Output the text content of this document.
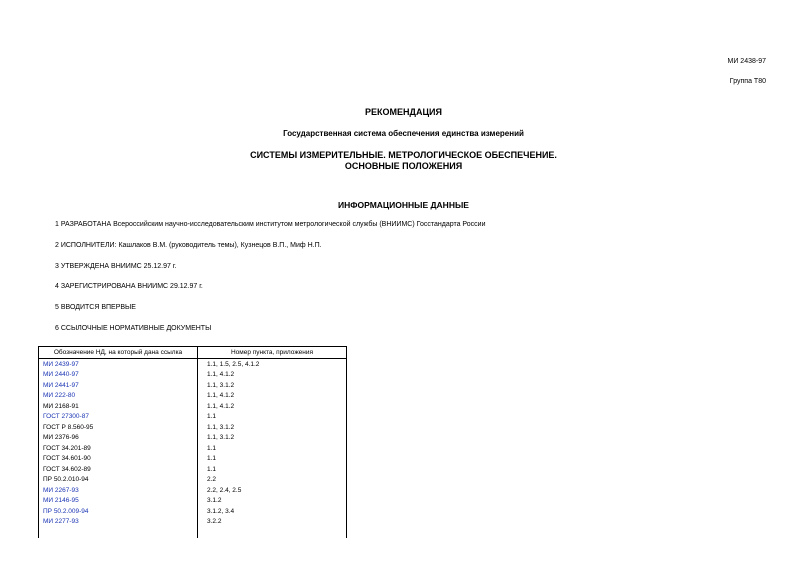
МИ 2438-97
Группа Т80
РЕКОМЕНДАЦИЯ
Государственная система обеспечения единства измерений
СИСТЕМЫ ИЗМЕРИТЕЛЬНЫЕ. МЕТРОЛОГИЧЕСКОЕ ОБЕСПЕЧЕНИЕ.
ОСНОВНЫЕ ПОЛОЖЕНИЯ
ИНФОРМАЦИОННЫЕ ДАННЫЕ
1 РАЗРАБОТАНА Всероссийским научно-исследовательским институтом метрологической службы (ВНИИМС) Госстандарта России
2 ИСПОЛНИТЕЛИ: Кашлаков В.М. (руководитель темы), Кузнецов В.П., Миф Н.П.
3 УТВЕРЖДЕНА ВНИИМС 25.12.97 г.
4 ЗАРЕГИСТРИРОВАНА ВНИИМС 29.12.97 г.
5 ВВОДИТСЯ ВПЕРВЫЕ
6 ССЫЛОЧНЫЕ НОРМАТИВНЫЕ ДОКУМЕНТЫ
Обозначение НД, на который дана ссылка	Номер пункта, приложения
МИ 2439-97	1.1, 1.5, 2.5, 4.1.2
МИ 2440-97	1.1, 4.1.2
МИ 2441-97	1.1, 3.1.2
МИ 222-80	1.1, 4.1.2
МИ 2168-91	1.1, 4.1.2
ГОСТ 27300-87	1.1
ГОСТ Р 8.560-95	1.1, 3.1.2
МИ 2376-96	1.1, 3.1.2
ГОСТ 34.201-89	1.1
ГОСТ 34.601-90	1.1
ГОСТ 34.602-89	1.1
ПР 50.2.010-94	2.2
МИ 2267-93	2.2, 2.4, 2.5
МИ 2146-95	3.1.2
ПР 50.2.009-94	3.1.2, 3.4
МИ 2277-93	3.2.2
